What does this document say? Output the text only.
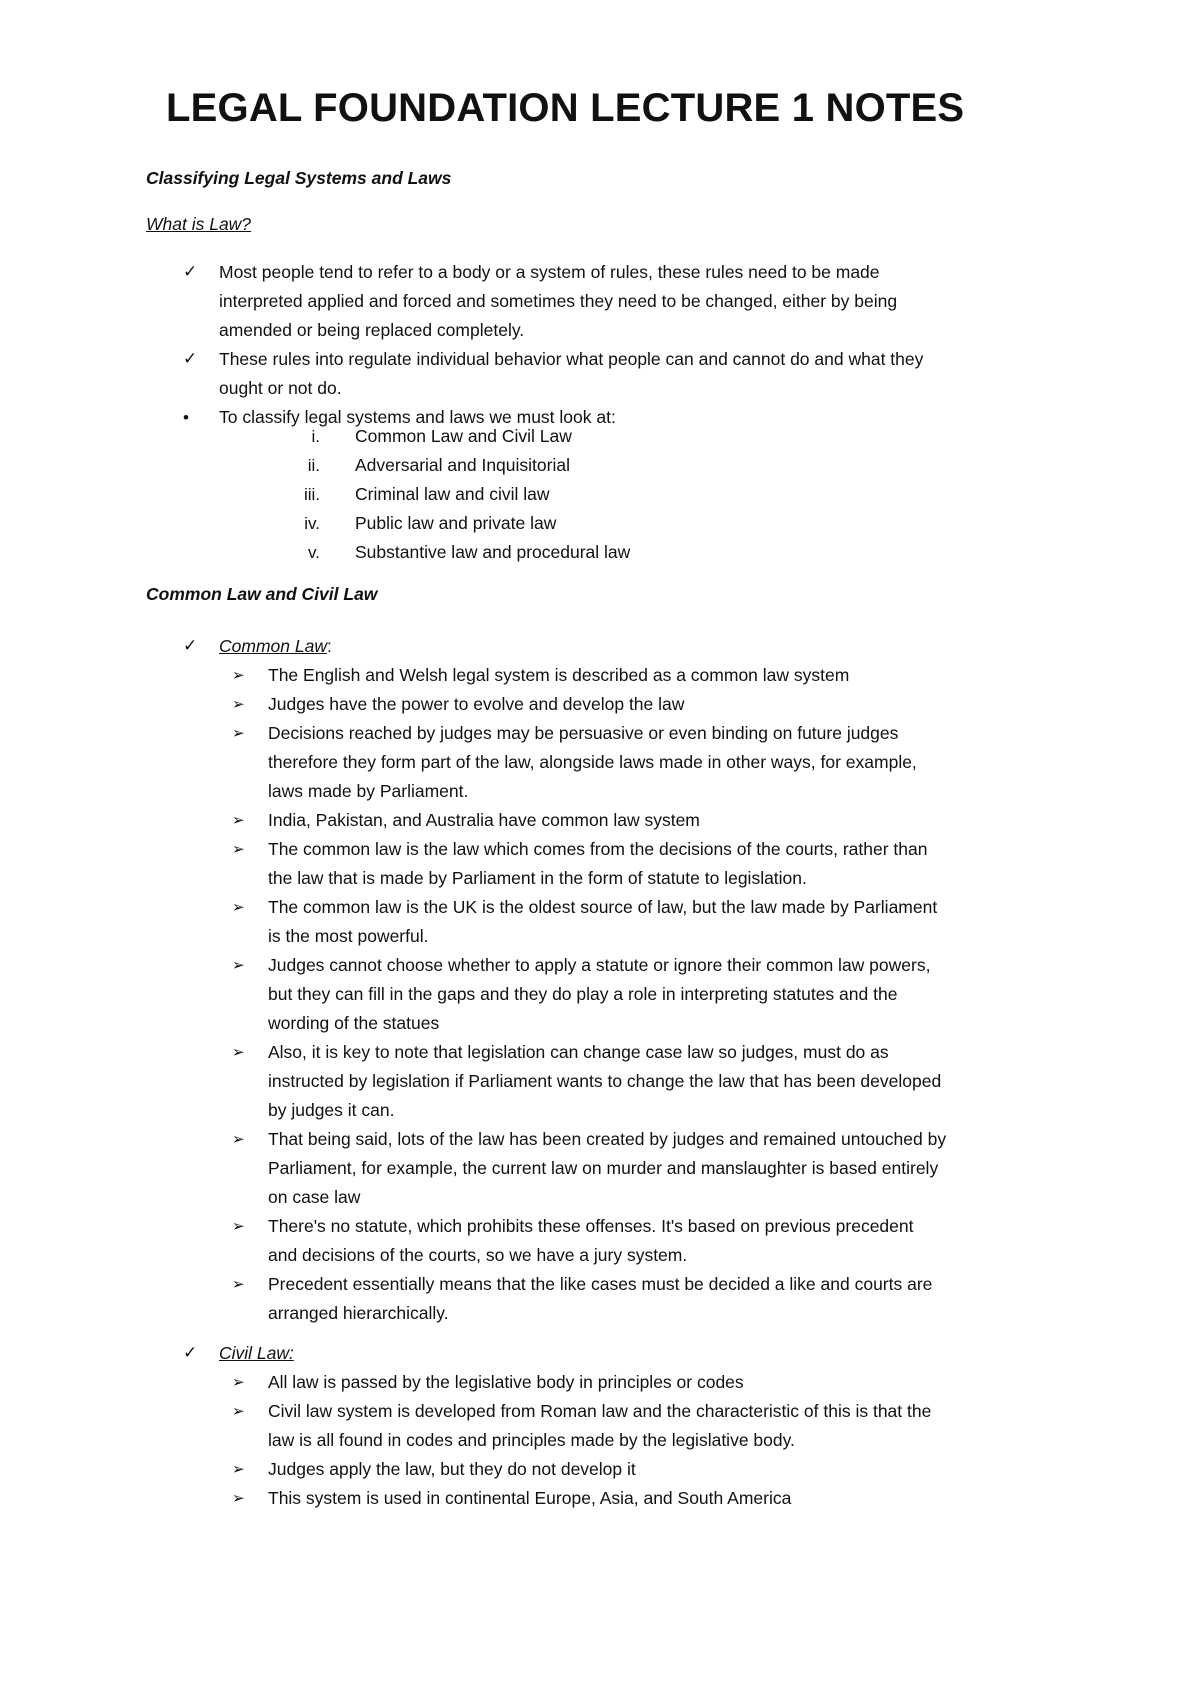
LEGAL FOUNDATION LECTURE 1 NOTES
Classifying Legal Systems and Laws
What is Law?
✓ Most people tend to refer to a body or a system of rules, these rules need to be made
interpreted applied and forced and sometimes they need to be changed, either by being
amended or being replaced completely.
✓ These rules into regulate individual behavior what people can and cannot do and what they
ought or not do.
• To classify legal systems and laws we must look at:
i. Common Law and Civil Law
ii. Adversarial and Inquisitorial
iii. Criminal law and civil law
iv. Public law and private law
v. Substantive law and procedural law
Common Law and Civil Law
✓ Common Law:
➢ The English and Welsh legal system is described as a common law system
➢ Judges have the power to evolve and develop the law
➢ Decisions reached by judges may be persuasive or even binding on future judges
therefore they form part of the law, alongside laws made in other ways, for example,
laws made by Parliament.
➢ India, Pakistan, and Australia have common law system
➢ The common law is the law which comes from the decisions of the courts, rather than
the law that is made by Parliament in the form of statute to legislation.
➢ The common law is the UK is the oldest source of law, but the law made by Parliament
is the most powerful.
➢ Judges cannot choose whether to apply a statute or ignore their common law powers,
but they can fill in the gaps and they do play a role in interpreting statutes and the
wording of the statues
➢ Also, it is key to note that legislation can change case law so judges, must do as
instructed by legislation if Parliament wants to change the law that has been developed
by judges it can.
➢ That being said, lots of the law has been created by judges and remained untouched by
Parliament, for example, the current law on murder and manslaughter is based entirely
on case law
➢ There's no statute, which prohibits these offenses. It's based on previous precedent
and decisions of the courts, so we have a jury system.
➢ Precedent essentially means that the like cases must be decided a like and courts are
arranged hierarchically.
✓ Civil Law:
➢ All law is passed by the legislative body in principles or codes
➢ Civil law system is developed from Roman law and the characteristic of this is that the
law is all found in codes and principles made by the legislative body.
➢ Judges apply the law, but they do not develop it
➢ This system is used in continental Europe, Asia, and South America
